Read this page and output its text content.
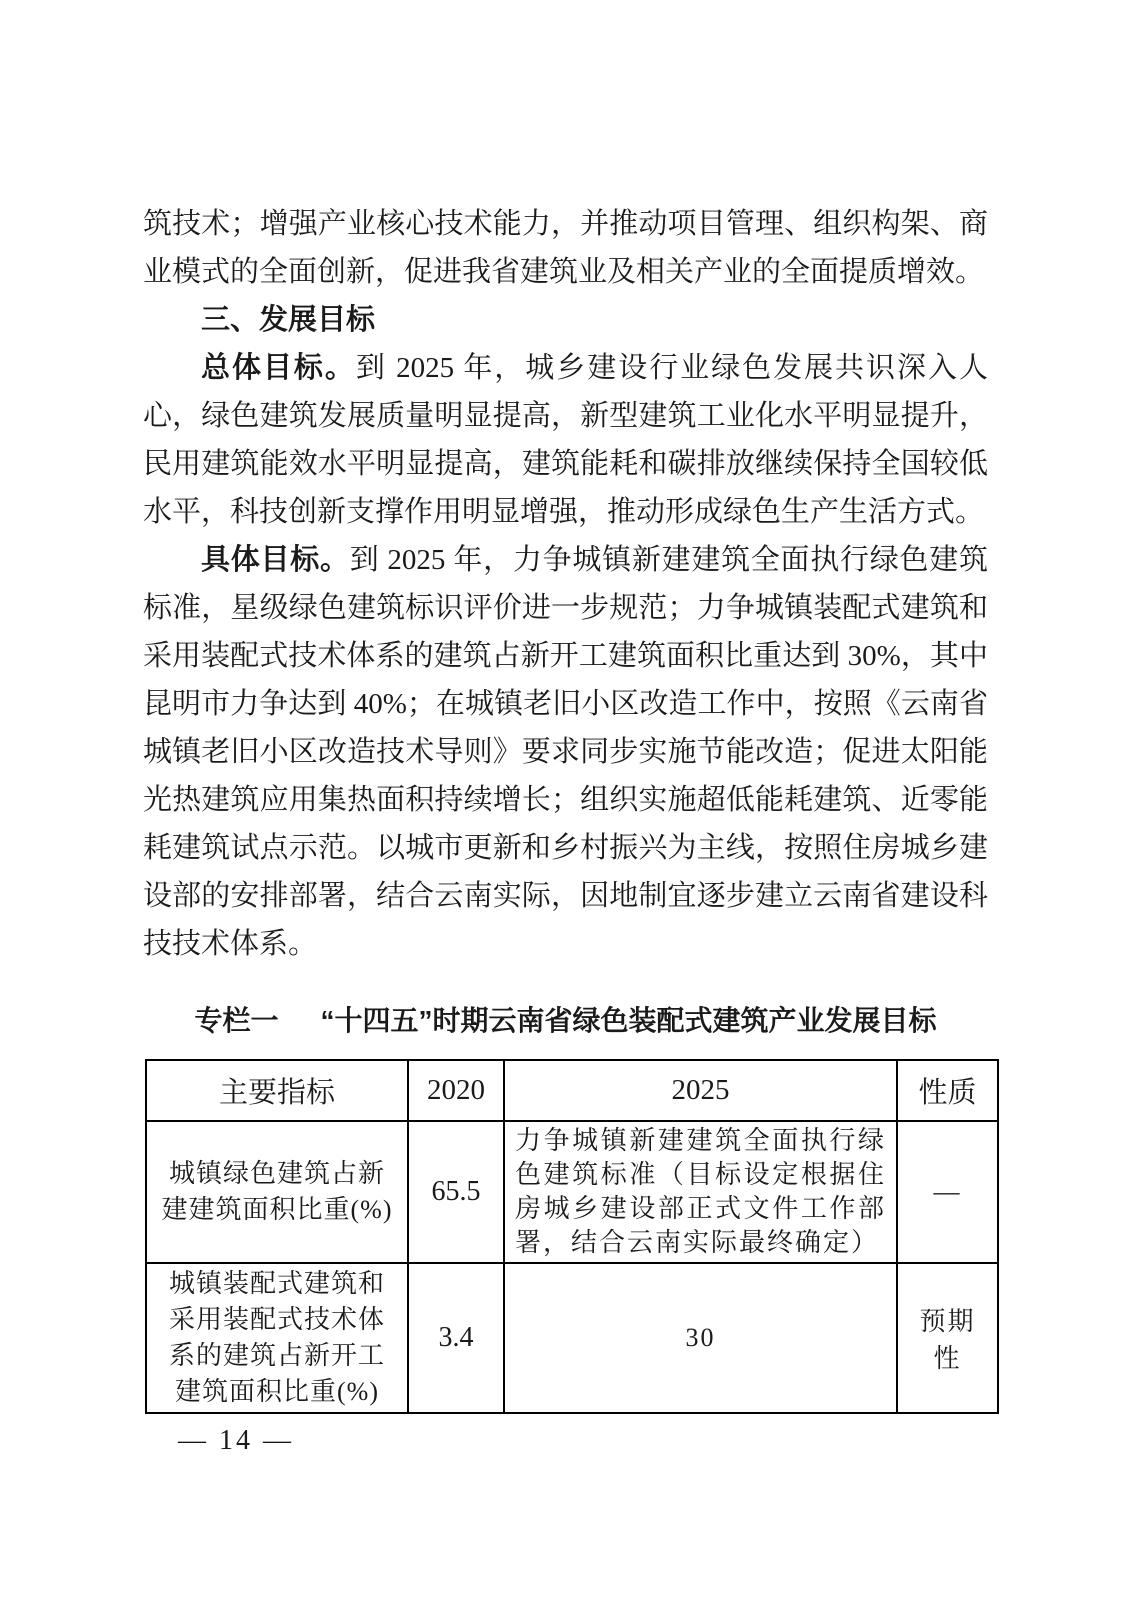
筑技术；增强产业核心技术能力，并推动项目管理、组织构架、商业模式的全面创新，促进我省建筑业及相关产业的全面提质增效。

三、发展目标

总体目标。到 2025 年，城乡建设行业绿色发展共识深入人心，绿色建筑发展质量明显提高，新型建筑工业化水平明显提升，民用建筑能效水平明显提高，建筑能耗和碳排放继续保持全国较低水平，科技创新支撑作用明显增强，推动形成绿色生产生活方式。

具体目标。到 2025 年，力争城镇新建建筑全面执行绿色建筑标准，星级绿色建筑标识评价进一步规范；力争城镇装配式建筑和采用装配式技术体系的建筑占新开工建筑面积比重达到 30%，其中昆明市力争达到 40%；在城镇老旧小区改造工作中，按照《云南省城镇老旧小区改造技术导则》要求同步实施节能改造；促进太阳能光热建筑应用集热面积持续增长；组织实施超低能耗建筑、近零能耗建筑试点示范。以城市更新和乡村振兴为主线，按照住房城乡建设部的安排部署，结合云南实际，因地制宜逐步建立云南省建设科技技术体系。

专栏一 “十四五”时期云南省绿色装配式建筑产业发展目标
主要指标	2020	2025	性质
城镇绿色建筑占新建建筑面积比重(%)	65.5	力争城镇新建建筑全面执行绿色建筑标准（目标设定根据住房城乡建设部正式文件工作部署，结合云南实际最终确定）	—
城镇装配式建筑和采用装配式技术体系的建筑占新开工建筑面积比重(%)	3.4	30	预期性
— 14 —
